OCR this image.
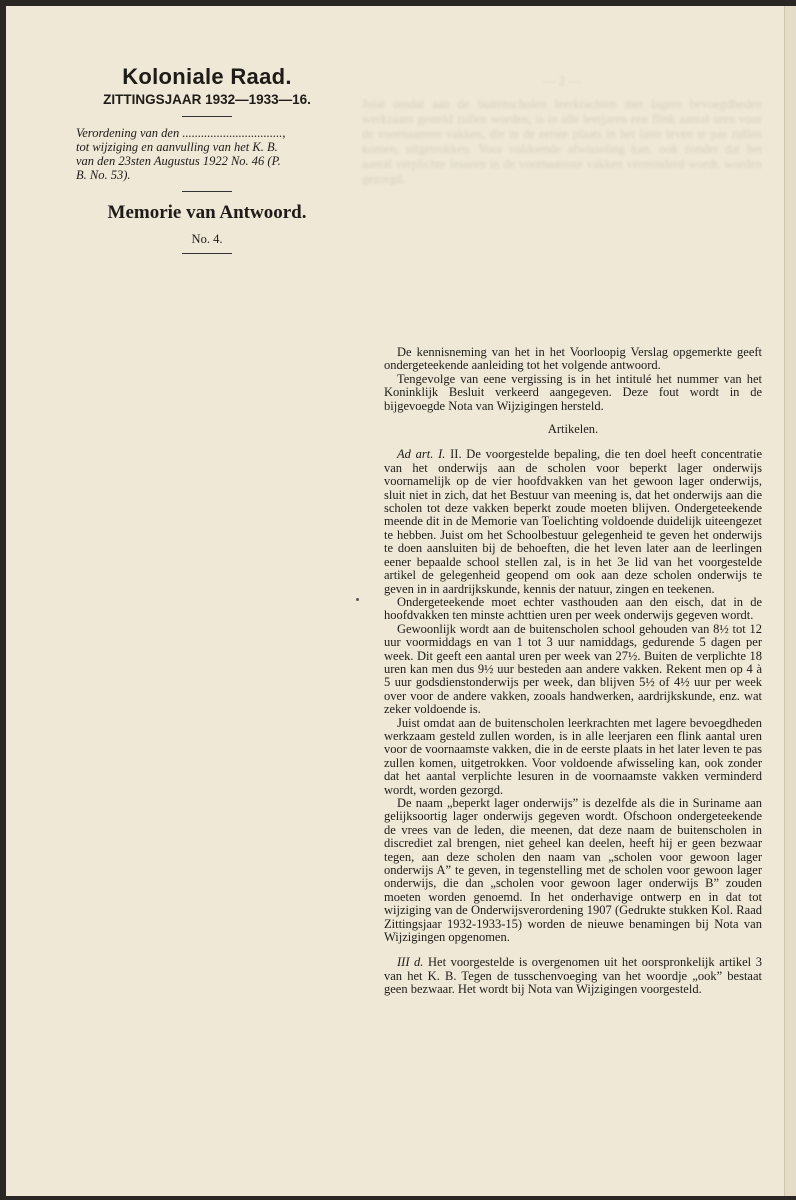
Koloniale Raad.
ZITTINGSJAAR 1932—1933—16.
Verordening van den ................................,
tot wijziging en aanvulling van het K. B.
van den 23sten Augustus 1922 No. 46 (P.
B. No. 53).
Memorie van Antwoord.
No. 4.
— 2 —
Juist omdat aan de buitenscholen leerkrachten met lagere bevoegdheden werkzaam gesteld zullen worden, is in alle leerjaren een flink aantal uren voor de voornaamste vakken, die in de eerste plaats in het later leven te pas zullen komen, uitgetrokken. Voor voldoende afwisseling kan, ook zonder dat het aantal verplichte lesuren in de voornaamste vakken verminderd wordt, worden gezorgd.

De kennisneming van het in het Voorloopig Verslag opgemerkte geeft ondergeteekende aanleiding tot het volgende antwoord.

Tengevolge van eene vergissing is in het intitulé het nummer van het Koninklijk Besluit verkeerd aangegeven. Deze fout wordt in de bijgevoegde Nota van Wijzigingen hersteld.

Artikelen.

Ad art. I. II. De voorgestelde bepaling, die ten doel heeft concentratie van het onderwijs aan de scholen voor beperkt lager onderwijs voornamelijk op de vier hoofdvakken van het gewoon lager onderwijs, sluit niet in zich, dat het Bestuur van meening is, dat het onderwijs aan die scholen tot deze vakken beperkt zoude moeten blijven. Ondergeteekende meende dit in de Memorie van Toelichting voldoende duidelijk uiteengezet te hebben. Juist om het Schoolbestuur gelegenheid te geven het onderwijs te doen aansluiten bij de behoeften, die het leven later aan de leerlingen eener bepaalde school stellen zal, is in het 3e lid van het voorgestelde artikel de gelegenheid geopend om ook aan deze scholen onderwijs te geven in in aardrijkskunde, kennis der natuur, zingen en teekenen.

Ondergeteekende moet echter vasthouden aan den eisch, dat in de hoofdvakken ten minste achttien uren per week onderwijs gegeven wordt.

Gewoonlijk wordt aan de buitenscholen school gehouden van 8½ tot 12 uur voormiddags en van 1 tot 3 uur namiddags, gedurende 5 dagen per week. Dit geeft een aantal uren per week van 27½. Buiten de verplichte 18 uren kan men dus 9½ uur besteden aan andere vakken. Rekent men op 4 à 5 uur godsdienstonderwijs per week, dan blijven 5½ of 4½ uur per week over voor de andere vakken, zooals handwerken, aardrijkskunde, enz. wat zeker voldoende is.

Juist omdat aan de buitenscholen leerkrachten met lagere bevoegdheden werkzaam gesteld zullen worden, is in alle leerjaren een flink aantal uren voor de voornaamste vakken, die in de eerste plaats in het later leven te pas zullen komen, uitgetrokken. Voor voldoende afwisseling kan, ook zonder dat het aantal verplichte lesuren in de voornaamste vakken verminderd wordt, worden gezorgd.

De naam „beperkt lager onderwijs” is dezelfde als die in Suriname aan gelijksoortig lager onderwijs gegeven wordt. Ofschoon ondergeteekende de vrees van de leden, die meenen, dat deze naam de buitenscholen in discrediet zal brengen, niet geheel kan deelen, heeft hij er geen bezwaar tegen, aan deze scholen den naam van „scholen voor gewoon lager onderwijs A” te geven, in tegenstelling met de scholen voor gewoon lager onderwijs, die dan „scholen voor gewoon lager onderwijs B” zouden moeten worden genoemd. In het onderhavige ontwerp en in dat tot wijziging van de Onderwijsverordening 1907 (Gedrukte stukken Kol. Raad Zittingsjaar 1932-1933-15) worden de nieuwe benamingen bij Nota van Wijzigingen opgenomen.

III d. Het voorgestelde is overgenomen uit het oorspronkelijk artikel 3 van het K. B. Tegen de tusschenvoeging van het woordje „ook” bestaat geen bezwaar. Het wordt bij Nota van Wijzigingen voorgesteld.
